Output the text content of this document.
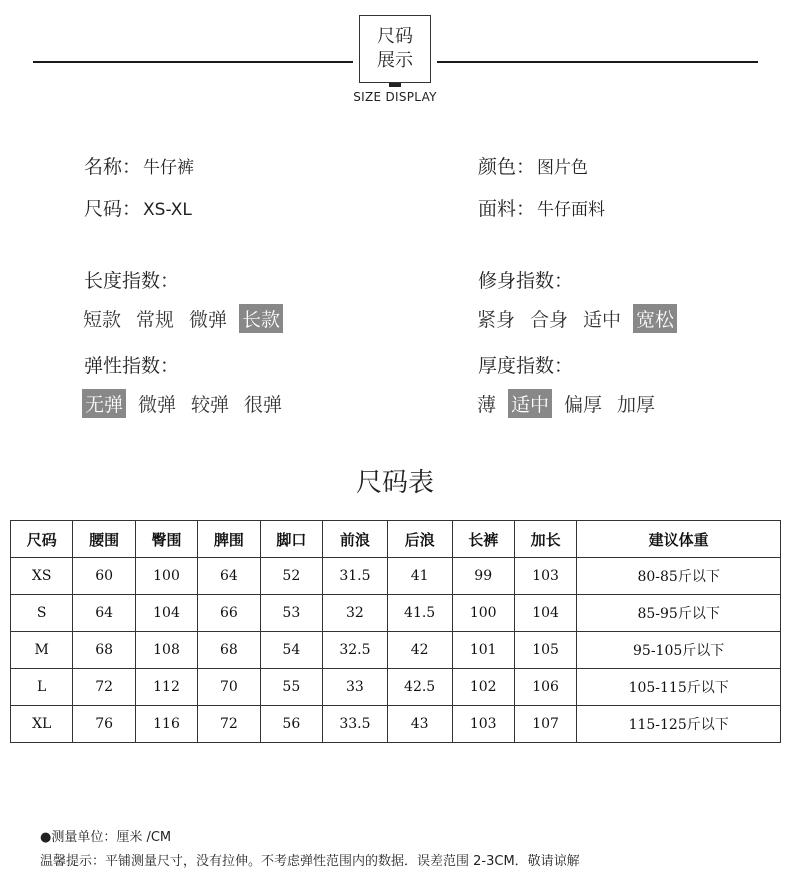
尺码
展示
SIZE DISPLAY
名称： 牛仔裤	颜色： 图片色
尺码： XS-XL	面料： 牛仔面料
长度指数：
短款 常规 微弹 长款
修身指数：
紧身 合身 适中 宽松
弹性指数：
无弹 微弹 较弹 很弹
厚度指数：
薄 适中 偏厚 加厚
尺码表
尺码	腰围	臀围	脾围	脚口	前浪	后浪	长裤	加长	建议体重
XS	60	100	64	52	31.5	41	99	103	80-85斤以下
S	64	104	66	53	32	41.5	100	104	85-95斤以下
M	68	108	68	54	32.5	42	101	105	95-105斤以下
L	72	112	70	55	33	42.5	102	106	105-115斤以下
XL	76	116	72	56	33.5	43	103	107	115-125斤以下
●测量单位：厘米 /CM
温馨提示：平铺测量尺寸，没有拉伸。不考虑弹性范围内的数据．误差范围 2-3CM．敬请谅解
